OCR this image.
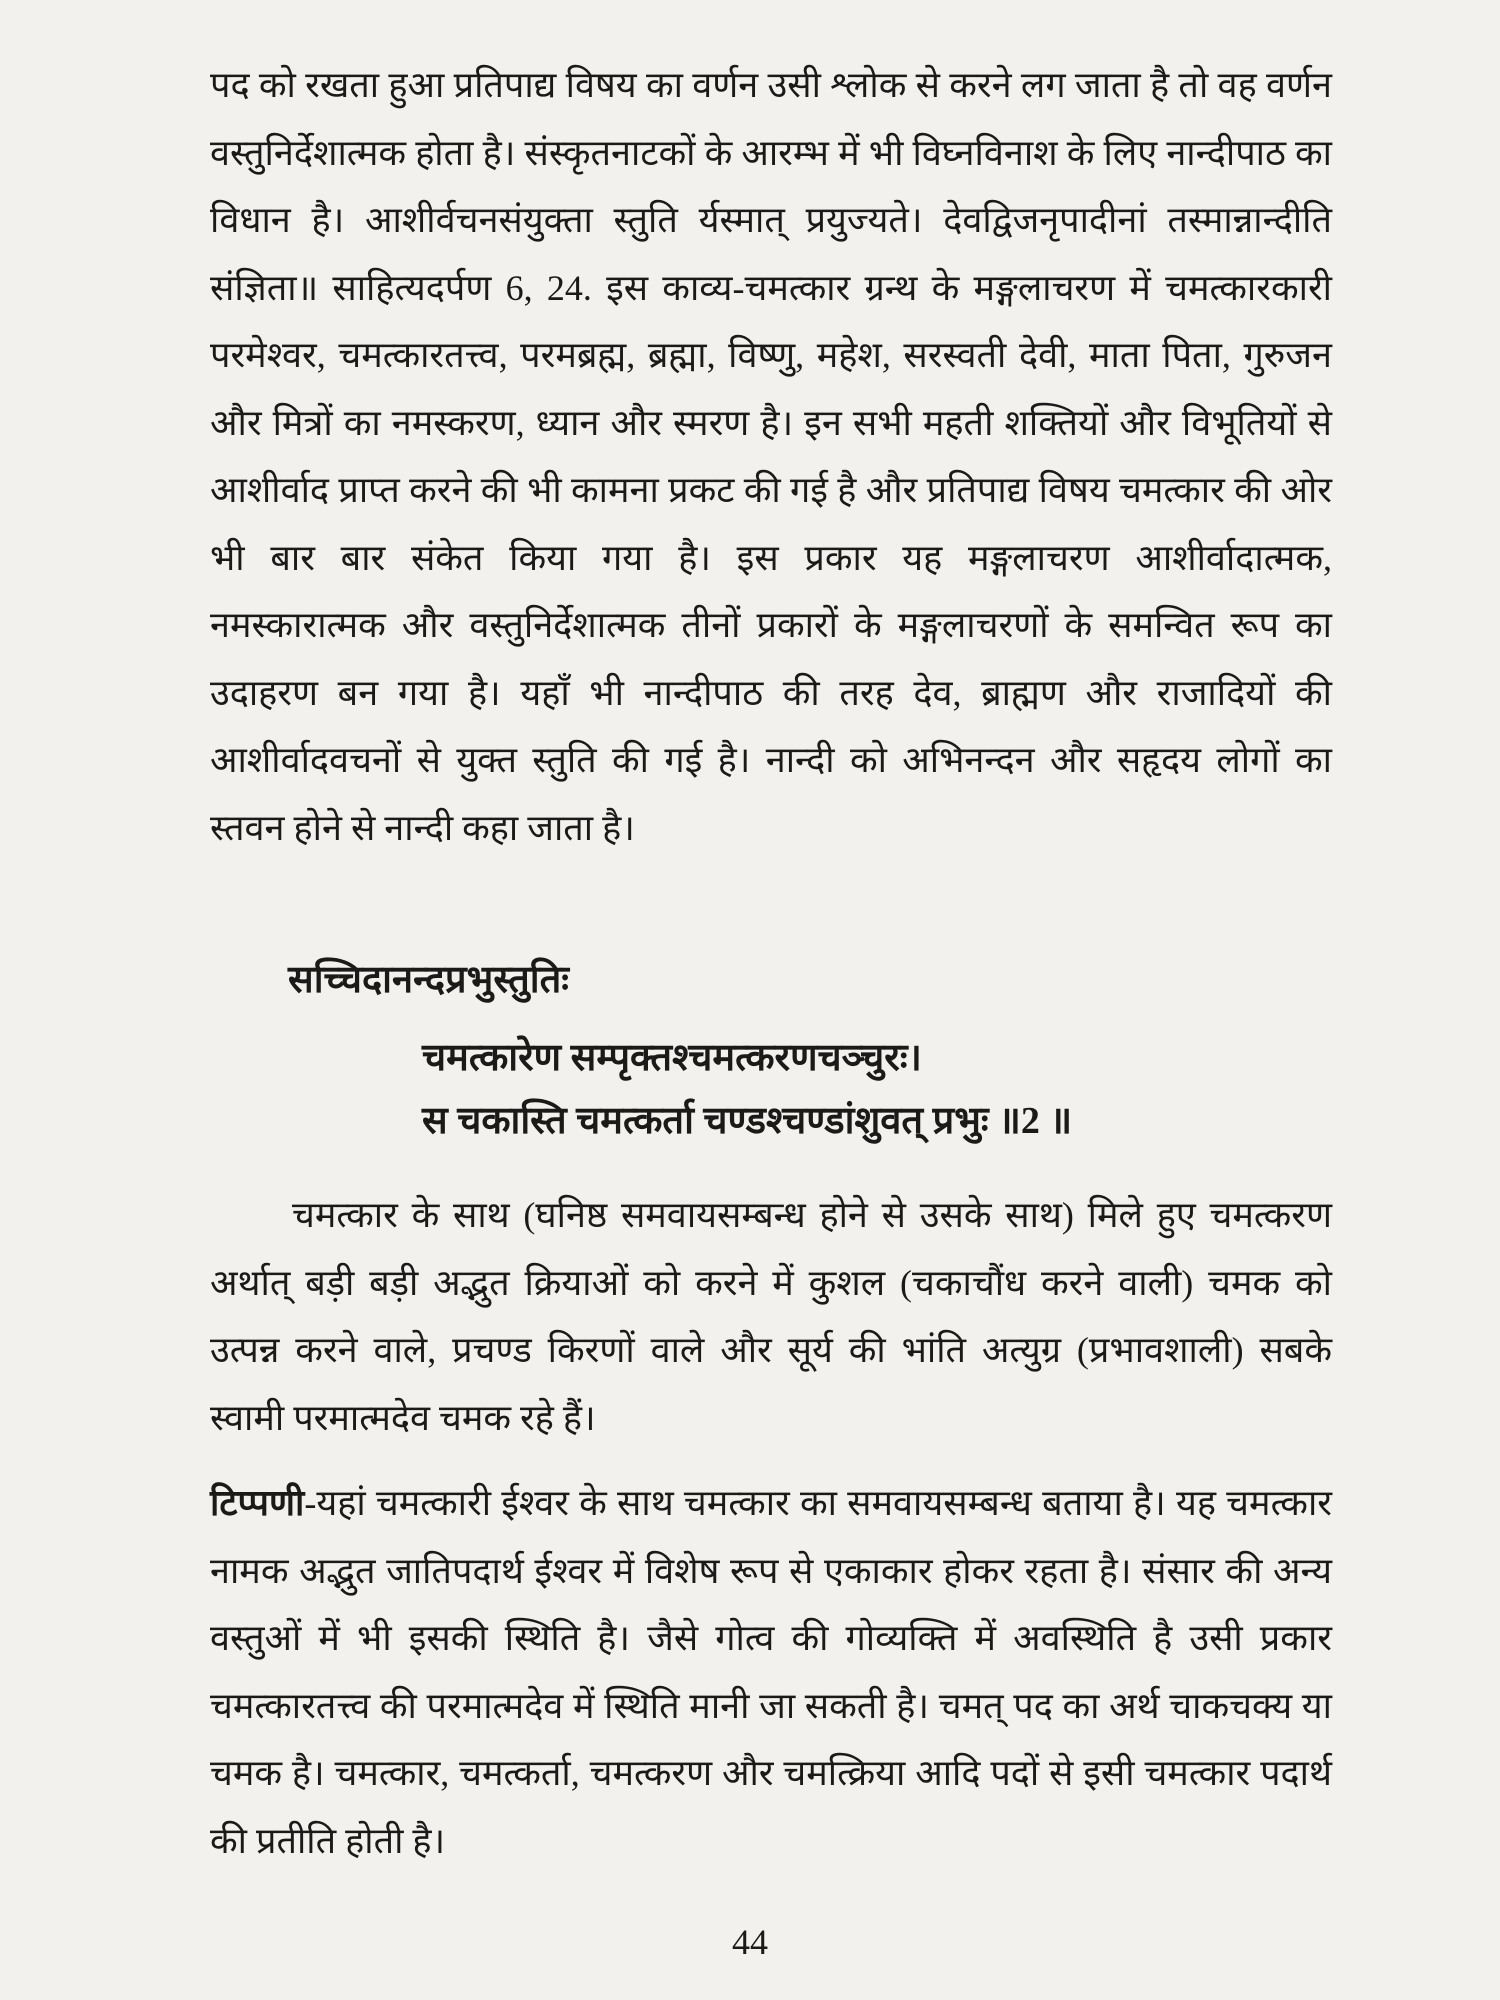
पद को रखता हुआ प्रतिपाद्य विषय का वर्णन उसी श्लोक से करने लग जाता है तो वह वर्णन वस्तुनिर्देशात्मक होता है। संस्कृतनाटकों के आरम्भ में भी विघ्नविनाश के लिए नान्दीपाठ का विधान है। आशीर्वचनसंयुक्ता स्तुति र्यस्मात् प्रयुज्यते। देवद्विजनृपादीनां तस्मान्नान्दीति संज्ञिता॥ साहित्यदर्पण 6, 24. इस काव्य-चमत्कार ग्रन्थ के मङ्गलाचरण में चमत्कारकारी परमेश्वर, चमत्कारतत्त्व, परमब्रह्म, ब्रह्मा, विष्णु, महेश, सरस्वती देवी, माता पिता, गुरुजन और मित्रों का नमस्करण, ध्यान और स्मरण है। इन सभी महती शक्तियों और विभूतियों से आशीर्वाद प्राप्त करने की भी कामना प्रकट की गई है और प्रतिपाद्य विषय चमत्कार की ओर भी बार बार संकेत किया गया है। इस प्रकार यह मङ्गलाचरण आशीर्वादात्मक, नमस्कारात्मक और वस्तुनिर्देशात्मक तीनों प्रकारों के मङ्गलाचरणों के समन्वित रूप का उदाहरण बन गया है। यहाँ भी नान्दीपाठ की तरह देव, ब्राह्मण और राजादियों की आशीर्वादवचनों से युक्त स्तुति की गई है। नान्दी को अभिनन्दन और सहृदय लोगों का स्तवन होने से नान्दी कहा जाता है।

सच्चिदानन्दप्रभुस्तुतिः
चमत्कारेण सम्पृक्तश्चमत्करणचञ्चुरः।
स चकास्ति चमत्कर्ता चण्डश्चण्डांशुवत् प्रभुः ॥2 ॥

चमत्कार के साथ (घनिष्ठ समवायसम्बन्ध होने से उसके साथ) मिले हुए चमत्करण अर्थात् बड़ी बड़ी अद्भुत क्रियाओं को करने में कुशल (चकाचौंध करने वाली) चमक को उत्पन्न करने वाले, प्रचण्ड किरणों वाले और सूर्य की भांति अत्युग्र (प्रभावशाली) सबके स्वामी परमात्मदेव चमक रहे हैं।

टिप्पणी-यहां चमत्कारी ईश्वर के साथ चमत्कार का समवायसम्बन्ध बताया है। यह चमत्कार नामक अद्भुत जातिपदार्थ ईश्वर में विशेष रूप से एकाकार होकर रहता है। संसार की अन्य वस्तुओं में भी इसकी स्थिति है। जैसे गोत्व की गोव्यक्ति में अवस्थिति है उसी प्रकार चमत्कारतत्त्व की परमात्मदेव में स्थिति मानी जा सकती है। चमत् पद का अर्थ चाकचक्य या चमक है। चमत्कार, चमत्कर्ता, चमत्करण और चमत्क्रिया आदि पदों से इसी चमत्कार पदार्थ की प्रतीति होती है।

44
